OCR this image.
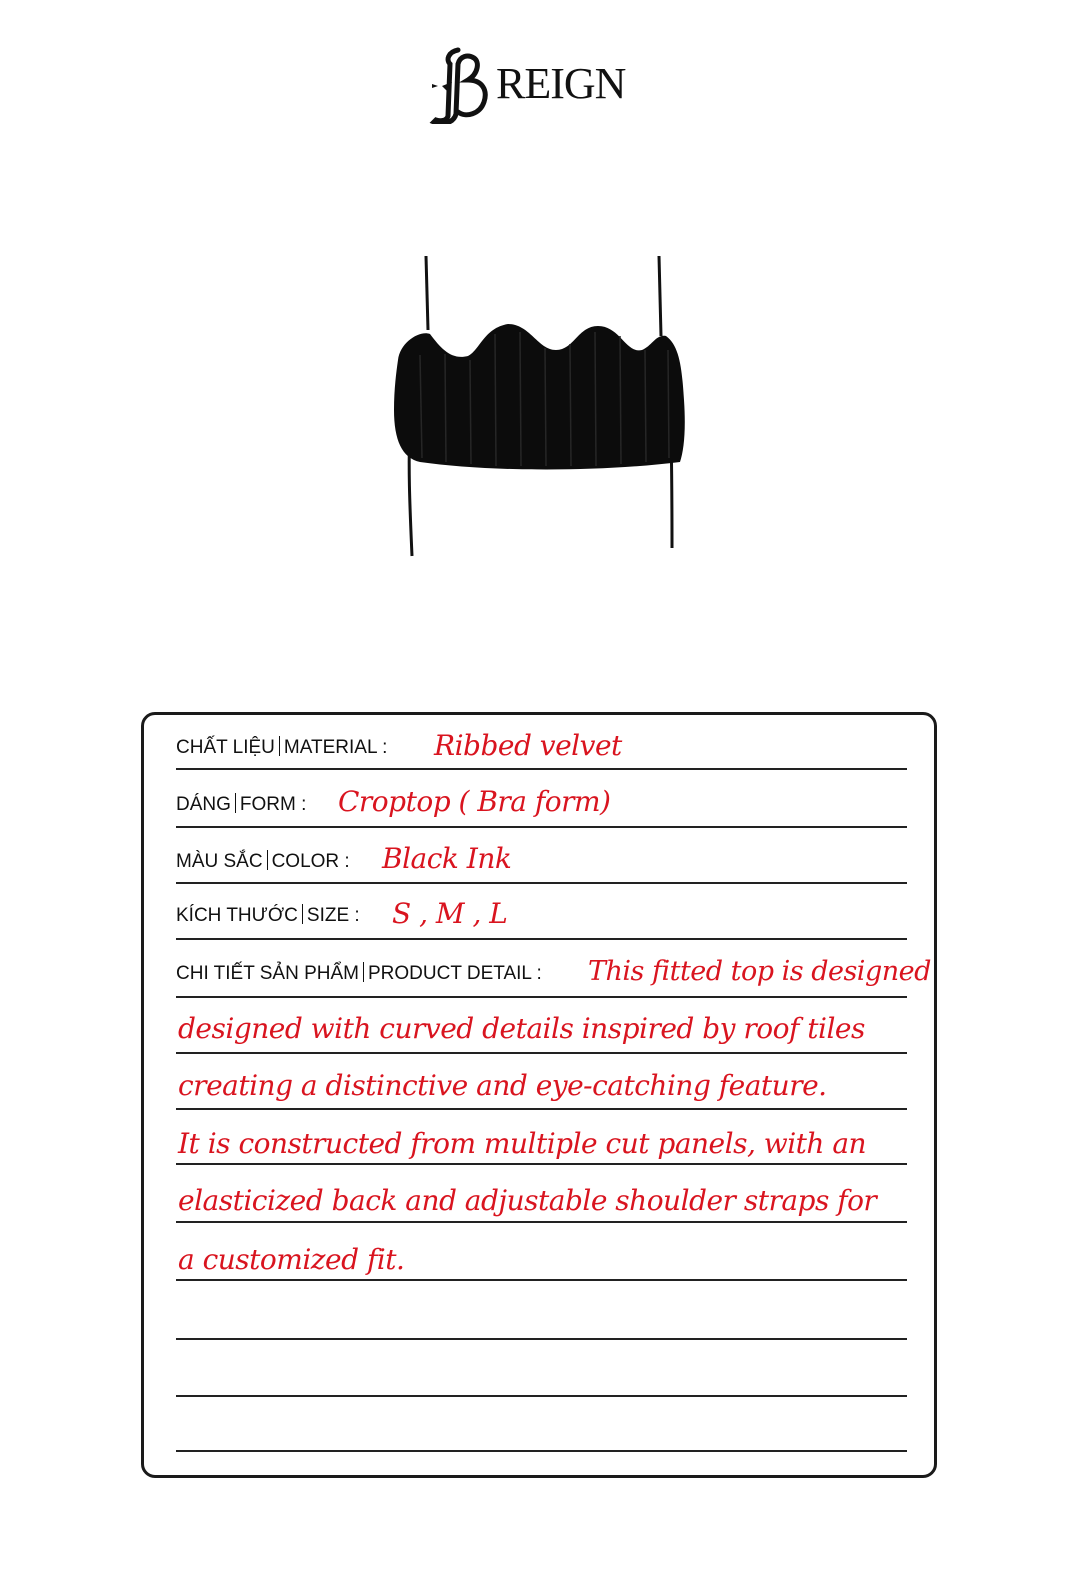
REIGN
CHẤT LIỆU MATERIAL : Ribbed velvet
DÁNG FORM : Croptop ( Bra form)
MÀU SẮC COLOR : Black Ink
KÍCH THƯỚC SIZE : S , M , L
CHI TIẾT SẢN PHẨM PRODUCT DETAIL : This fitted top is designed
designed with curved details inspired by roof tiles
creating a distinctive and eye-catching feature.
It is constructed from multiple cut panels, with an
elasticized back and adjustable shoulder straps for
a customized fit.
